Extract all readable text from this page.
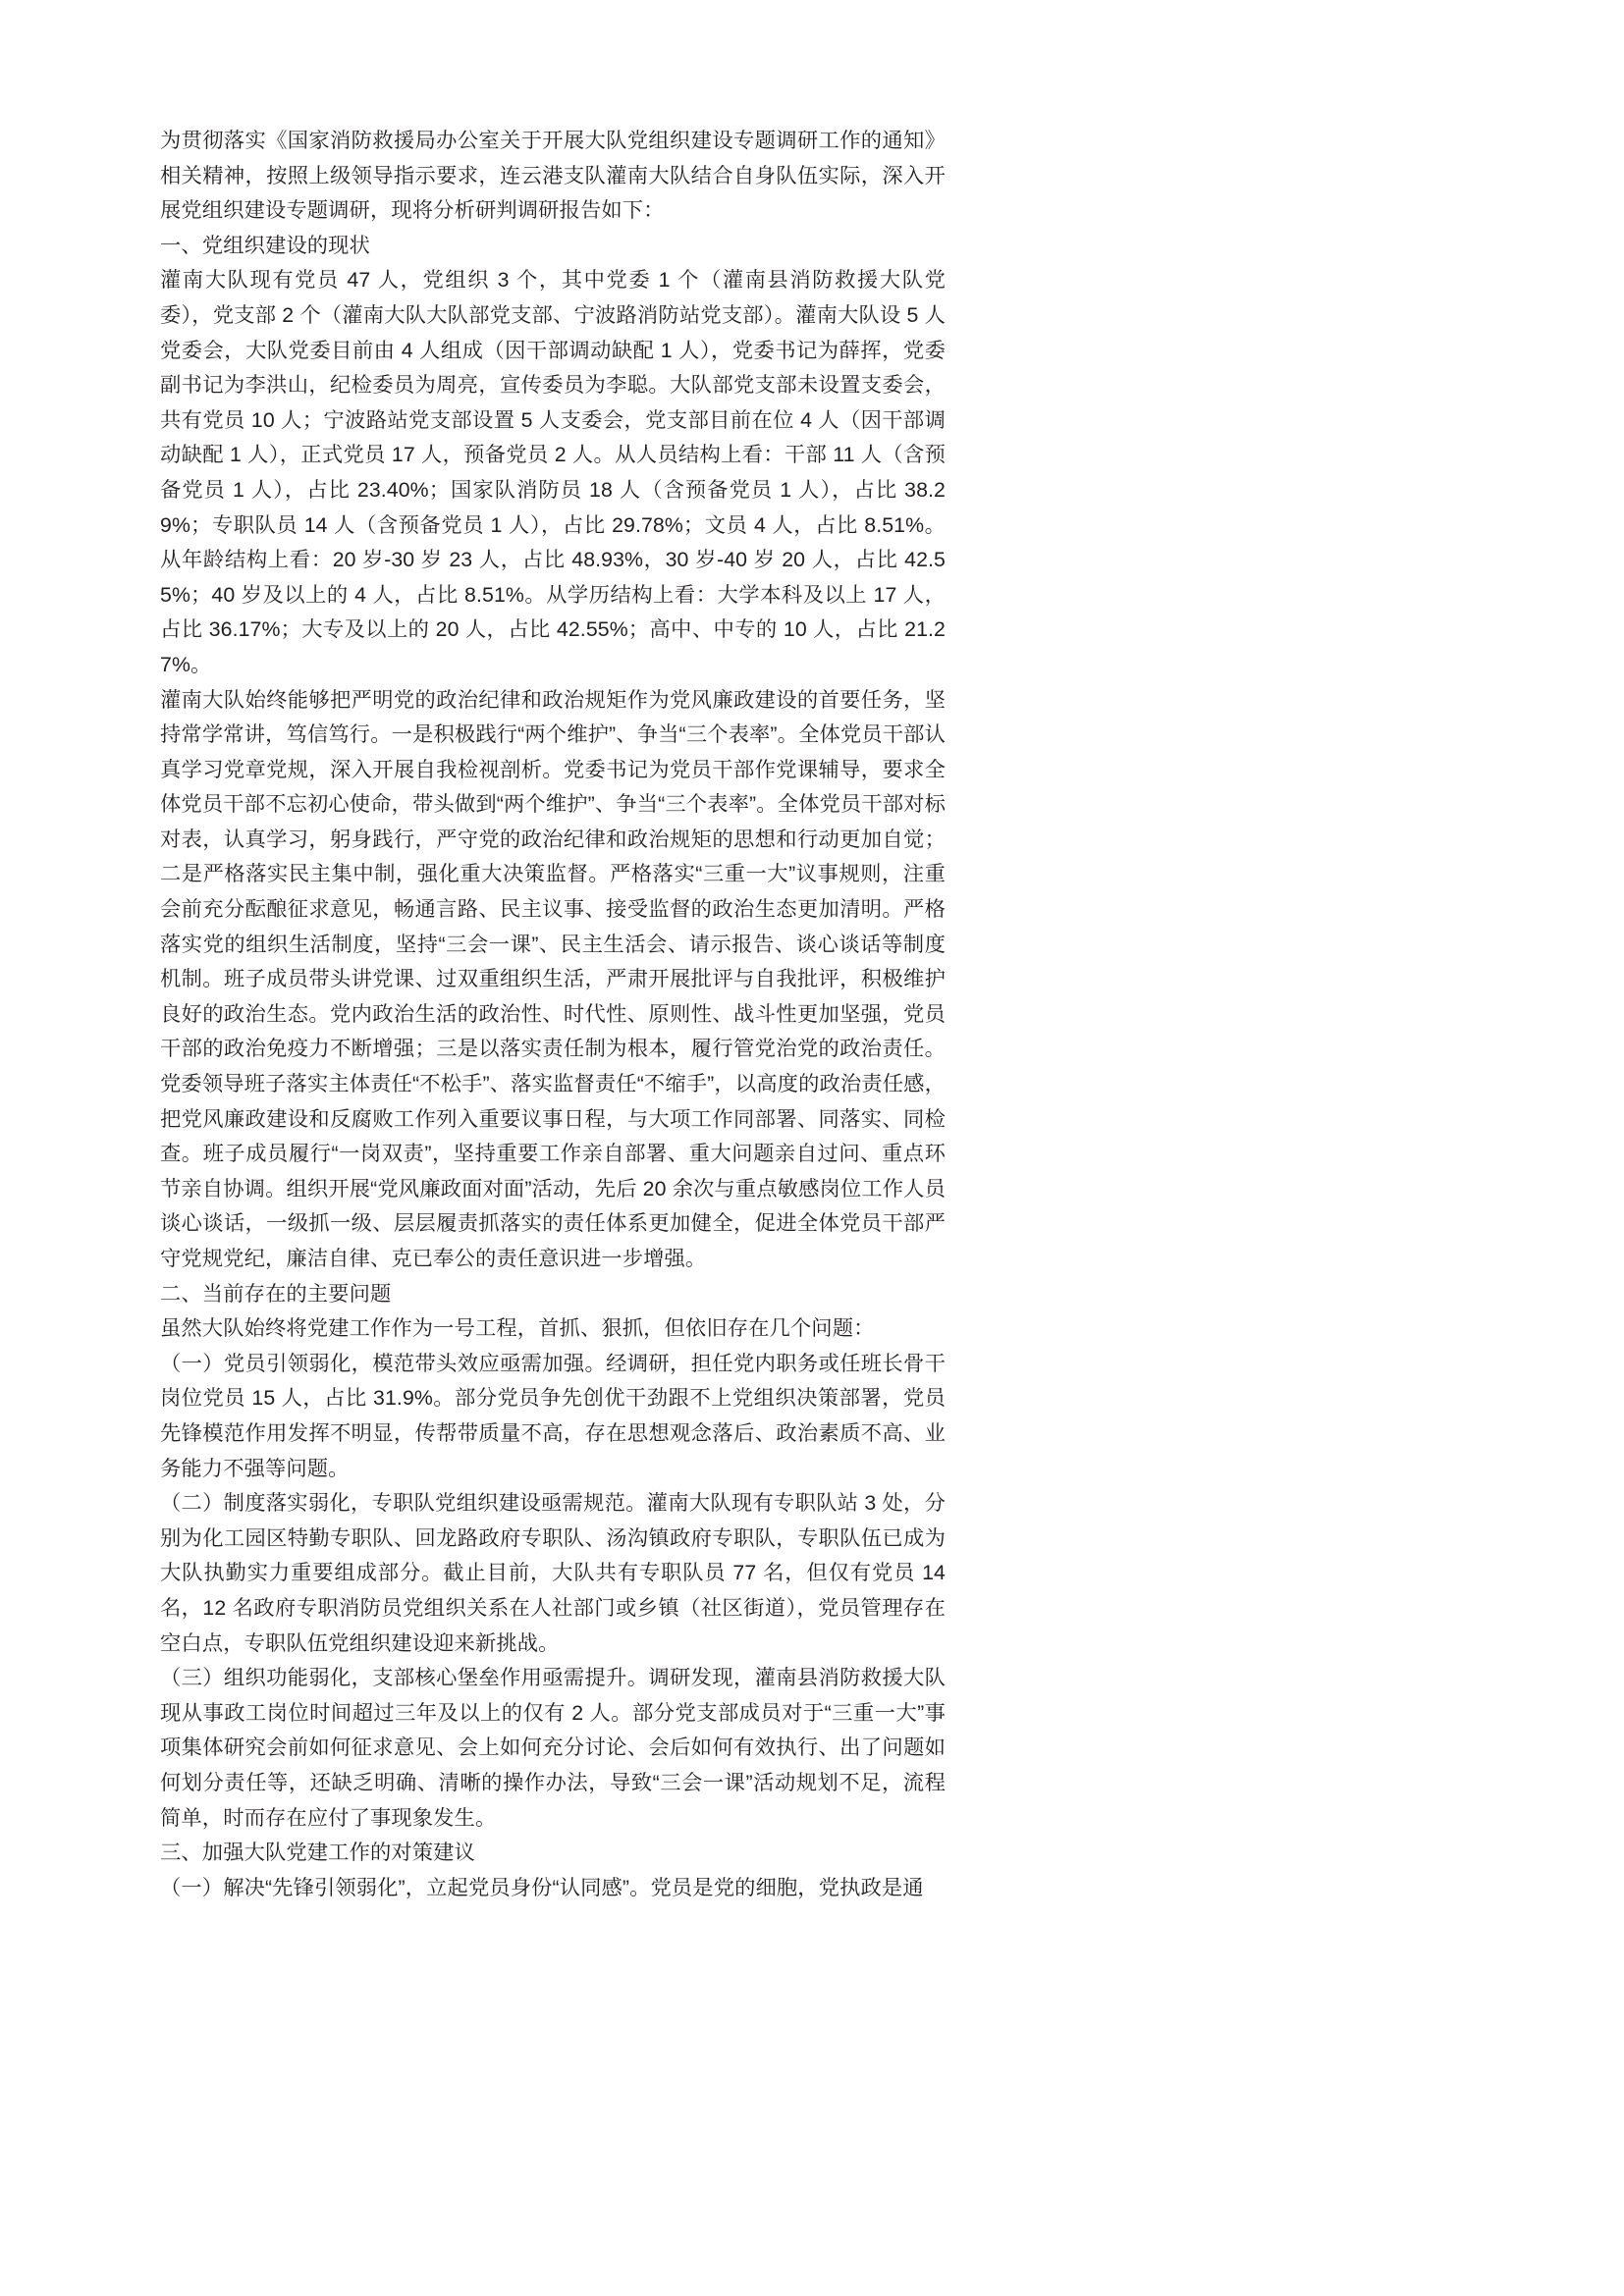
为贯彻落实《国家消防救援局办公室关于开展大队党组织建设专题调研工作的通知》相关精神，按照上级领导指示要求，连云港支队灌南大队结合自身队伍实际，深入开展党组织建设专题调研，现将分析研判调研报告如下：

一、党组织建设的现状

灌南大队现有党员 47 人，党组织 3 个，其中党委 1 个（灌南县消防救援大队党委），党支部 2 个（灌南大队大队部党支部、宁波路消防站党支部）。灌南大队设 5 人党委会，大队党委目前由 4 人组成（因干部调动缺配 1 人），党委书记为薛挥，党委副书记为李洪山，纪检委员为周亮，宣传委员为李聪。大队部党支部未设置支委会，共有党员 10 人；宁波路站党支部设置 5 人支委会，党支部目前在位 4 人（因干部调动缺配 1 人），正式党员 17 人，预备党员 2 人。从人员结构上看：干部 11 人（含预备党员 1 人），占比 23.40%；国家队消防员 18 人（含预备党员 1 人），占比 38.29%；专职队员 14 人（含预备党员 1 人），占比 29.78%；文员 4 人，占比 8.51%。从年龄结构上看：20 岁-30 岁 23 人，占比 48.93%，30 岁-40 岁 20 人，占比 42.55%；40 岁及以上的 4 人，占比 8.51%。从学历结构上看：大学本科及以上 17 人，占比 36.17%；大专及以上的 20 人，占比 42.55%；高中、中专的 10 人，占比 21.27%。

灌南大队始终能够把严明党的政治纪律和政治规矩作为党风廉政建设的首要任务，坚持常学常讲，笃信笃行。一是积极践行“两个维护”、争当“三个表率”。全体党员干部认真学习党章党规，深入开展自我检视剖析。党委书记为党员干部作党课辅导，要求全体党员干部不忘初心使命，带头做到“两个维护”、争当“三个表率”。全体党员干部对标对表，认真学习，躬身践行，严守党的政治纪律和政治规矩的思想和行动更加自觉；二是严格落实民主集中制，强化重大决策监督。严格落实“三重一大”议事规则，注重会前充分酝酿征求意见，畅通言路、民主议事、接受监督的政治生态更加清明。严格落实党的组织生活制度，坚持“三会一课”、民主生活会、请示报告、谈心谈话等制度机制。班子成员带头讲党课、过双重组织生活，严肃开展批评与自我批评，积极维护良好的政治生态。党内政治生活的政治性、时代性、原则性、战斗性更加坚强，党员干部的政治免疫力不断增强；三是以落实责任制为根本，履行管党治党的政治责任。党委领导班子落实主体责任“不松手”、落实监督责任“不缩手”，以高度的政治责任感，把党风廉政建设和反腐败工作列入重要议事日程，与大项工作同部署、同落实、同检查。班子成员履行“一岗双责”，坚持重要工作亲自部署、重大问题亲自过问、重点环节亲自协调。组织开展“党风廉政面对面”活动，先后 20 余次与重点敏感岗位工作人员谈心谈话，一级抓一级、层层履责抓落实的责任体系更加健全，促进全体党员干部严守党规党纪，廉洁自律、克已奉公的责任意识进一步增强。

二、当前存在的主要问题

虽然大队始终将党建工作作为一号工程，首抓、狠抓，但依旧存在几个问题：

（一）党员引领弱化，模范带头效应亟需加强。经调研，担任党内职务或任班长骨干岗位党员 15 人，占比 31.9%。部分党员争先创优干劲跟不上党组织决策部署，党员先锋模范作用发挥不明显，传帮带质量不高，存在思想观念落后、政治素质不高、业务能力不强等问题。

（二）制度落实弱化，专职队党组织建设亟需规范。灌南大队现有专职队站 3 处，分别为化工园区特勤专职队、回龙路政府专职队、汤沟镇政府专职队，专职队伍已成为大队执勤实力重要组成部分。截止目前，大队共有专职队员 77 名，但仅有党员 14 名，12 名政府专职消防员党组织关系在人社部门或乡镇（社区街道），党员管理存在空白点，专职队伍党组织建设迎来新挑战。

（三）组织功能弱化，支部核心堡垒作用亟需提升。调研发现，灌南县消防救援大队现从事政工岗位时间超过三年及以上的仅有 2 人。部分党支部成员对于“三重一大”事项集体研究会前如何征求意见、会上如何充分讨论、会后如何有效执行、出了问题如何划分责任等，还缺乏明确、清晰的操作办法，导致“三会一课”活动规划不足，流程简单，时而存在应付了事现象发生。

三、加强大队党建工作的对策建议

（一）解决“先锋引领弱化”，立起党员身份“认同感”。党员是党的细胞，党执政是通
